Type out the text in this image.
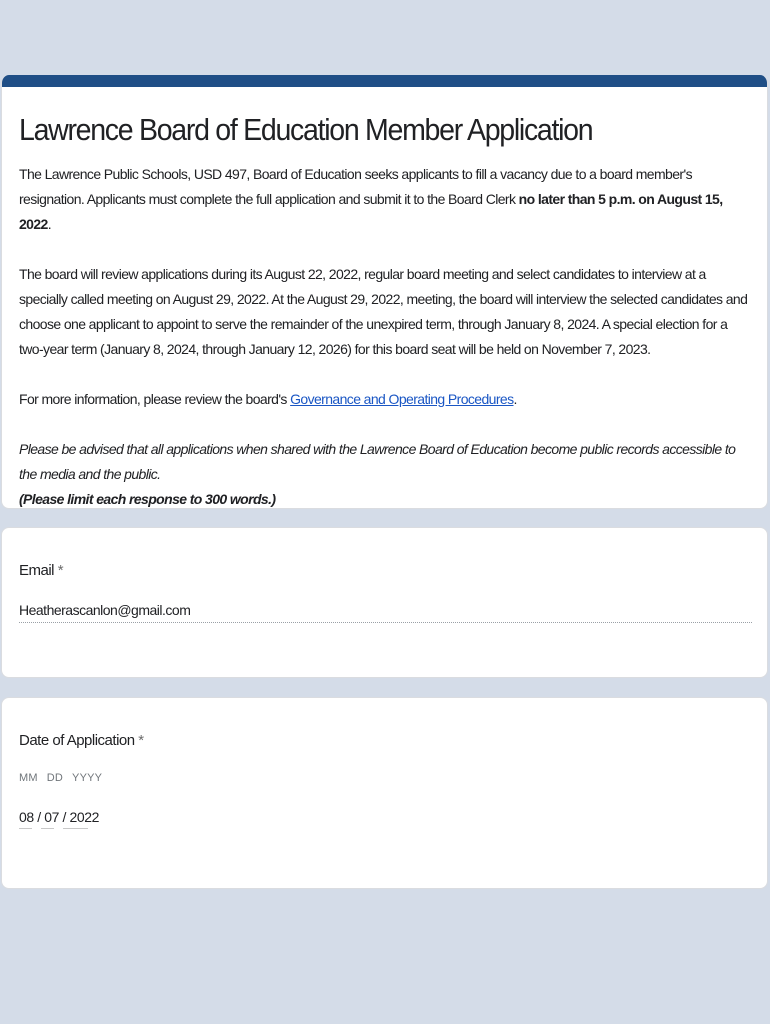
Lawrence Board of Education Member Application

The Lawrence Public Schools, USD 497, Board of Education seeks applicants to fill a vacancy due to a board member's resignation. Applicants must complete the full application and submit it to the Board Clerk no later than 5 p.m. on August 15, 2022.

The board will review applications during its August 22, 2022, regular board meeting and select candidates to interview at a specially called meeting on August 29, 2022. At the August 29, 2022, meeting, the board will interview the selected candidates and choose one applicant to appoint to serve the remainder of the unexpired term, through January 8, 2024. A special election for a two-year term (January 8, 2024, through January 12, 2026) for this board seat will be held on November 7, 2023.

For more information, please review the board's Governance and Operating Procedures.

Please be advised that all applications when shared with the Lawrence Board of Education become public records accessible to the media and the public.
(Please limit each response to 300 words.)

Email *
Heatherascanlon@gmail.com
Date of Application *
MM DD YYYY
08 / 07 / 2022
